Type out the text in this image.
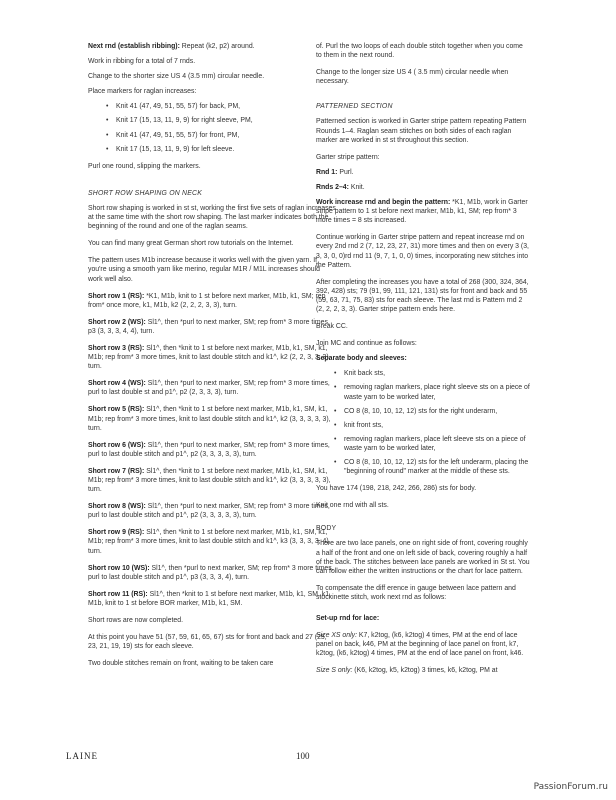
Next rnd (establish ribbing): Repeat (k2, p2) around.
Work in ribbing for a total of 7 rnds.
Change to the shorter size US 4 (3.5 mm) circular needle.
Place markers for raglan increases:
• Knit 41 (47, 49, 51, 55, 57) for back, PM,
• Knit 17 (15, 13, 11, 9, 9) for right sleeve, PM,
• Knit 41 (47, 49, 51, 55, 57) for front, PM,
• Knit 17 (15, 13, 11, 9, 9) for left sleeve.
Purl one round, slipping the markers.
SHORT ROW SHAPING ON NECK
Short row shaping is worked in st st, working the first five sets of raglan increases at the same time with the short row shaping. The last marker indicates both the beginning of the round and one of the raglan seams.
You can find many great German short row tutorials on the Internet.
The pattern uses M1b increase because it works well with the given yarn. If you're using a smooth yarn like merino, regular M1R / M1L increases should work well also.
Short row 1 (RS): *K1, M1b, knit to 1 st before next marker, M1b, k1, SM; rep from* once more, k1, M1b, k2 (2, 2, 2, 3, 3), turn.
Short row 2 (WS): Sl1^, then *purl to next marker, SM; rep from* 3 more times, p3 (3, 3, 3, 4, 4), turn.
Short row 3 (RS): Sl1^, then *knit to 1 st before next marker, M1b, k1, SM, k1, M1b; rep from* 3 more times, knit to last double stitch and k1^, k2 (2, 2, 3, 3, 3), turn.
Short row 4 (WS): Sl1^, then *purl to next marker, SM; rep from* 3 more times, purl to last double st and p1^, p2 (2, 3, 3, 3), turn.
Short row 5 (RS): Sl1^, then *knit to 1 st before next marker, M1b, k1, SM, k1, M1b; rep from* 3 more times, knit to last double stitch and k1^, k2 (3, 3, 3, 3, 3), turn.
Short row 6 (WS): Sl1^, then *purl to next marker, SM; rep from* 3 more times, purl to last double stitch and p1^, p2 (3, 3, 3, 3, 3), turn.
Short row 7 (RS): Sl1^, then *knit to 1 st before next marker, M1b, k1, SM, k1, M1b; rep from* 3 more times, knit to last double stitch and k1^, k2 (3, 3, 3, 3, 3), turn.
Short row 8 (WS): Sl1^, then *purl to next marker, SM; rep from* 3 more times, purl to last double stitch and p1^, p2 (3, 3, 3, 3, 3), turn.
Short row 9 (RS): Sl1^, then *knit to 1 st before next marker, M1b, k1, SM, k1, M1b; rep from* 3 more times, knit to last double stitch and k1^, k3 (3, 3, 3, 3, 4), turn.
Short row 10 (WS): Sl1^, then *purl to next marker, SM; rep from* 3 more times, purl to last double stitch and p1^, p3 (3, 3, 3, 4), turn.
Short row 11 (RS): Sl1^, then *knit to 1 st before next marker, M1b, k1, SM, k1, M1b, knit to 1 st before BOR marker, M1b, k1, SM.
Short rows are now completed.
At this point you have 51 (57, 59, 61, 65, 67) sts for front and back and 27 (25, 23, 21, 19, 19) sts for each sleeve.
Two double stitches remain on front, waiting to be taken care
of. Purl the two loops of each double stitch together when you come to them in the next round.
Change to the longer size US 4 ( 3.5 mm) circular needle when necessary.
PATTERNED SECTION
Patterned section is worked in Garter stripe pattern repeating Pattern Rounds 1–4. Raglan seam stitches on both sides of each raglan marker are worked in st st throughout this section.
Garter stripe pattern:
Rnd 1: Purl.
Rnds 2–4: Knit.
Work increase rnd and begin the pattern: *K1, M1b, work in Garter stripe pattern to 1 st before next marker, M1b, k1, SM; rep from* 3 more times = 8 sts increased.
Continue working in Garter stripe pattern and repeat increase rnd on every 2nd rnd 2 (7, 12, 23, 27, 31) more times and then on every 3 (3, 3, 3, 0, 0)rd rnd 11 (9, 7, 1, 0, 0) times, incorporating new stitches into the Pattern.
After completing the increases you have a total of 268 (300, 324, 364, 392, 428) sts; 79 (91, 99, 111, 121, 131) sts for front and back and 55 (59, 63, 71, 75, 83) sts for each sleeve. The last rnd is Pattern rnd 2 (2, 2, 2, 3, 3). Garter stripe pattern ends here.
Break CC.
Join MC and continue as follows:
Separate body and sleeves:
• Knit back sts,
• removing raglan markers, place right sleeve sts on a piece of waste yarn to be worked later,
• CO 8 (8, 10, 10, 12, 12) sts for the right underarm,
• knit front sts,
• removing raglan markers, place left sleeve sts on a piece of waste yarn to be worked later,
• CO 8 (8, 10, 10, 12, 12) sts for the left underarm, placing the "beginning of round" marker at the middle of these sts.
You have 174 (198, 218, 242, 266, 286) sts for body.
Knit one rnd with all sts.
BODY
There are two lace panels, one on right side of front, covering roughly a half of the front and one on left side of back, covering roughly a half of the back. The stitches between lace panels are worked in St st. You can follow either the written instructions or the chart for lace pattern.
To compensate the diff erence in gauge between lace pattern and stockinette stitch, work next rnd as follows:
Set-up rnd for lace:
Size XS only: K7, k2tog, (k6, k2tog) 4 times, PM at the end of lace panel on back, k46, PM at the beginning of lace panel on front, k7, k2tog, (k6, k2tog) 4 times, PM at the end of lace panel on front, k46.
Size S only: (K6, k2tog, k5, k2tog) 3 times, k6, k2tog, PM at
LAINE	100
PassionForum.ru
